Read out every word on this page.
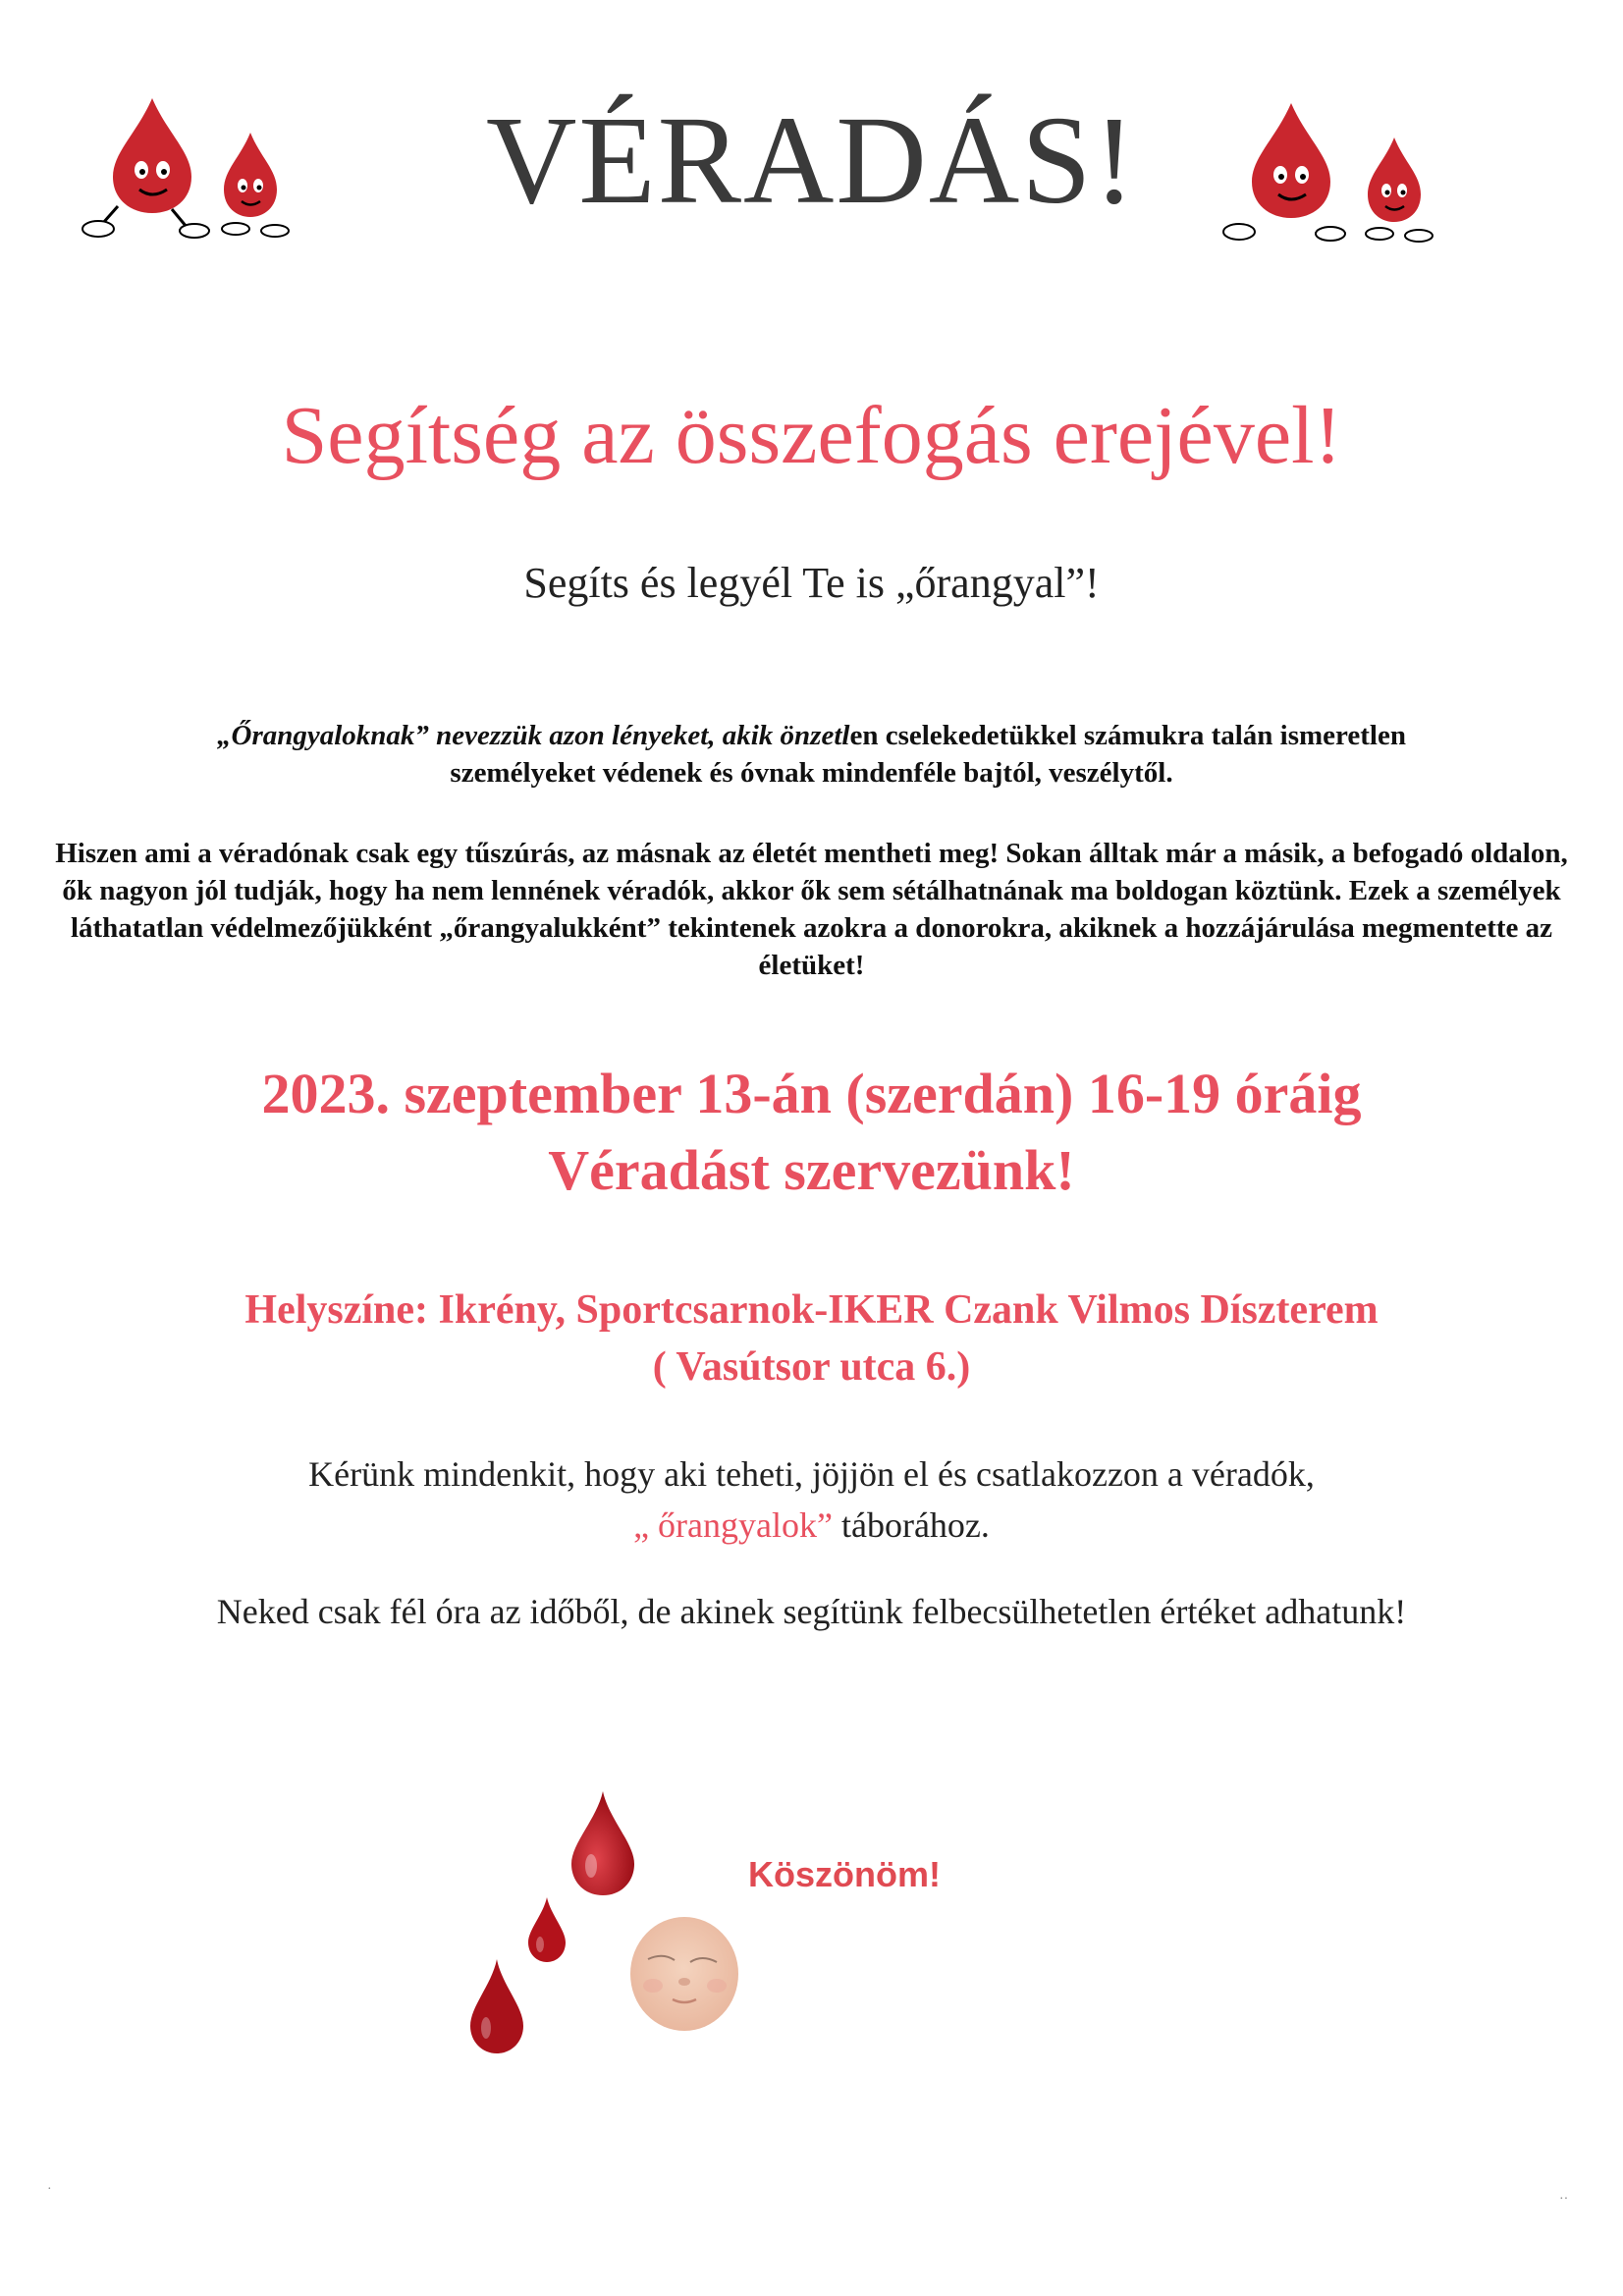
VÉRADÁS!
Segítség az összefogás erejével!
Segíts és legyél Te is „őrangyal”!
„Őrangyaloknak” nevezzük azon lényeket, akik önzetlen cselekedetükkel számukra talán ismeretlen
személyeket védenek és óvnak mindenféle bajtól, veszélytől.
Hiszen ami a véradónak csak egy tűszúrás, az másnak az életét mentheti meg! Sokan álltak már a másik, a befogadó oldalon, ők nagyon jól tudják, hogy ha nem lennének véradók, akkor ők sem sétálhatnának ma boldogan köztünk. Ezek a személyek láthatatlan védelmezőjükként „őrangyalukként” tekintenek azokra a donorokra, akiknek a hozzájárulása megmentette az életüket!
2023. szeptember 13-án (szerdán) 16-19 óráig
Véradást szervezünk!
Helyszíne: Ikrény, Sportcsarnok-IKER Czank Vilmos Díszterem
( Vasútsor utca 6.)
Kérünk mindenkit, hogy aki teheti, jöjjön el és csatlakozzon a véradók,
„ őrangyalok” táborához.
Neked csak fél óra az időből, de akinek segítünk felbecsülhetetlen értéket adhatunk!
Köszönöm!
·
··
